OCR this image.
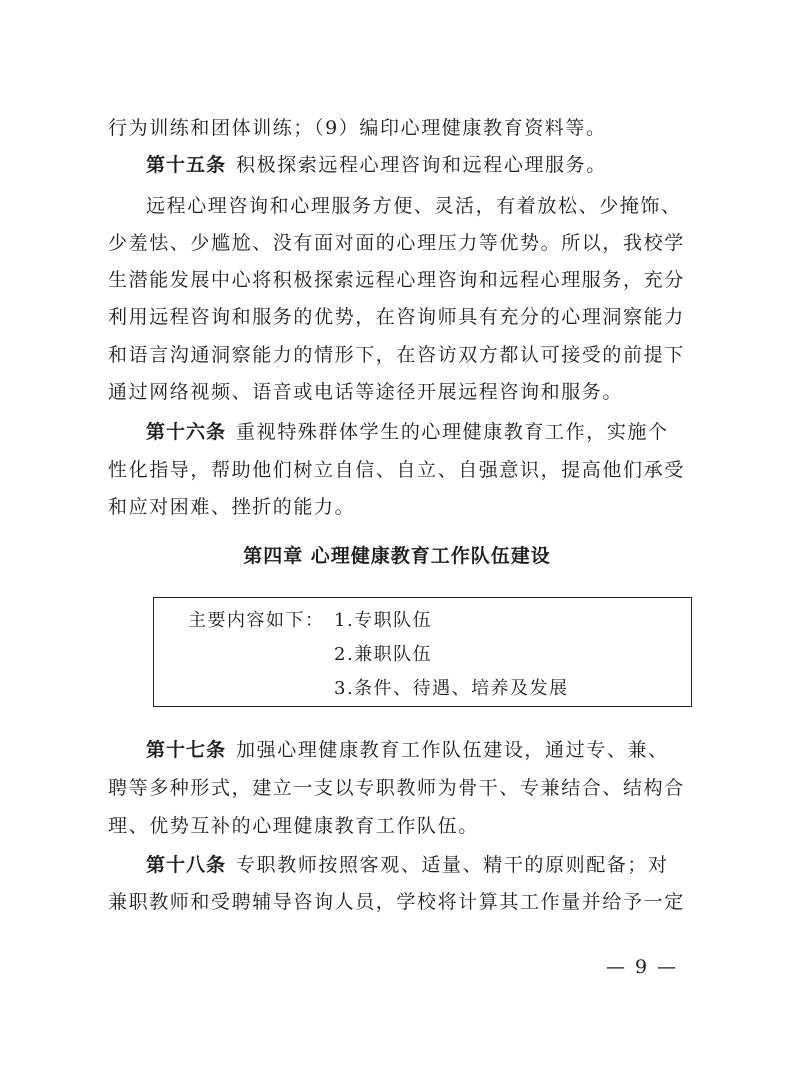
行为训练和团体训练；（9）编印心理健康教育资料等。
第十五条 积极探索远程心理咨询和远程心理服务。
远程心理咨询和心理服务方便、灵活，有着放松、少掩饰、
少羞怯、少尴尬、没有面对面的心理压力等优势。所以，我校学
生潜能发展中心将积极探索远程心理咨询和远程心理服务，充分
利用远程咨询和服务的优势，在咨询师具有充分的心理洞察能力
和语言沟通洞察能力的情形下，在咨访双方都认可接受的前提下
通过网络视频、语音或电话等途径开展远程咨询和服务。
第十六条 重视特殊群体学生的心理健康教育工作，实施个
性化指导，帮助他们树立自信、自立、自强意识，提高他们承受
和应对困难、挫折的能力。
第四章 心理健康教育工作队伍建设
主要内容如下： 1.专职队伍
2.兼职队伍
3.条件、待遇、培养及发展
第十七条 加强心理健康教育工作队伍建设，通过专、兼、
聘等多种形式，建立一支以专职教师为骨干、专兼结合、结构合
理、优势互补的心理健康教育工作队伍。
第十八条 专职教师按照客观、适量、精干的原则配备；对
兼职教师和受聘辅导咨询人员，学校将计算其工作量并给予一定
— 9 —
